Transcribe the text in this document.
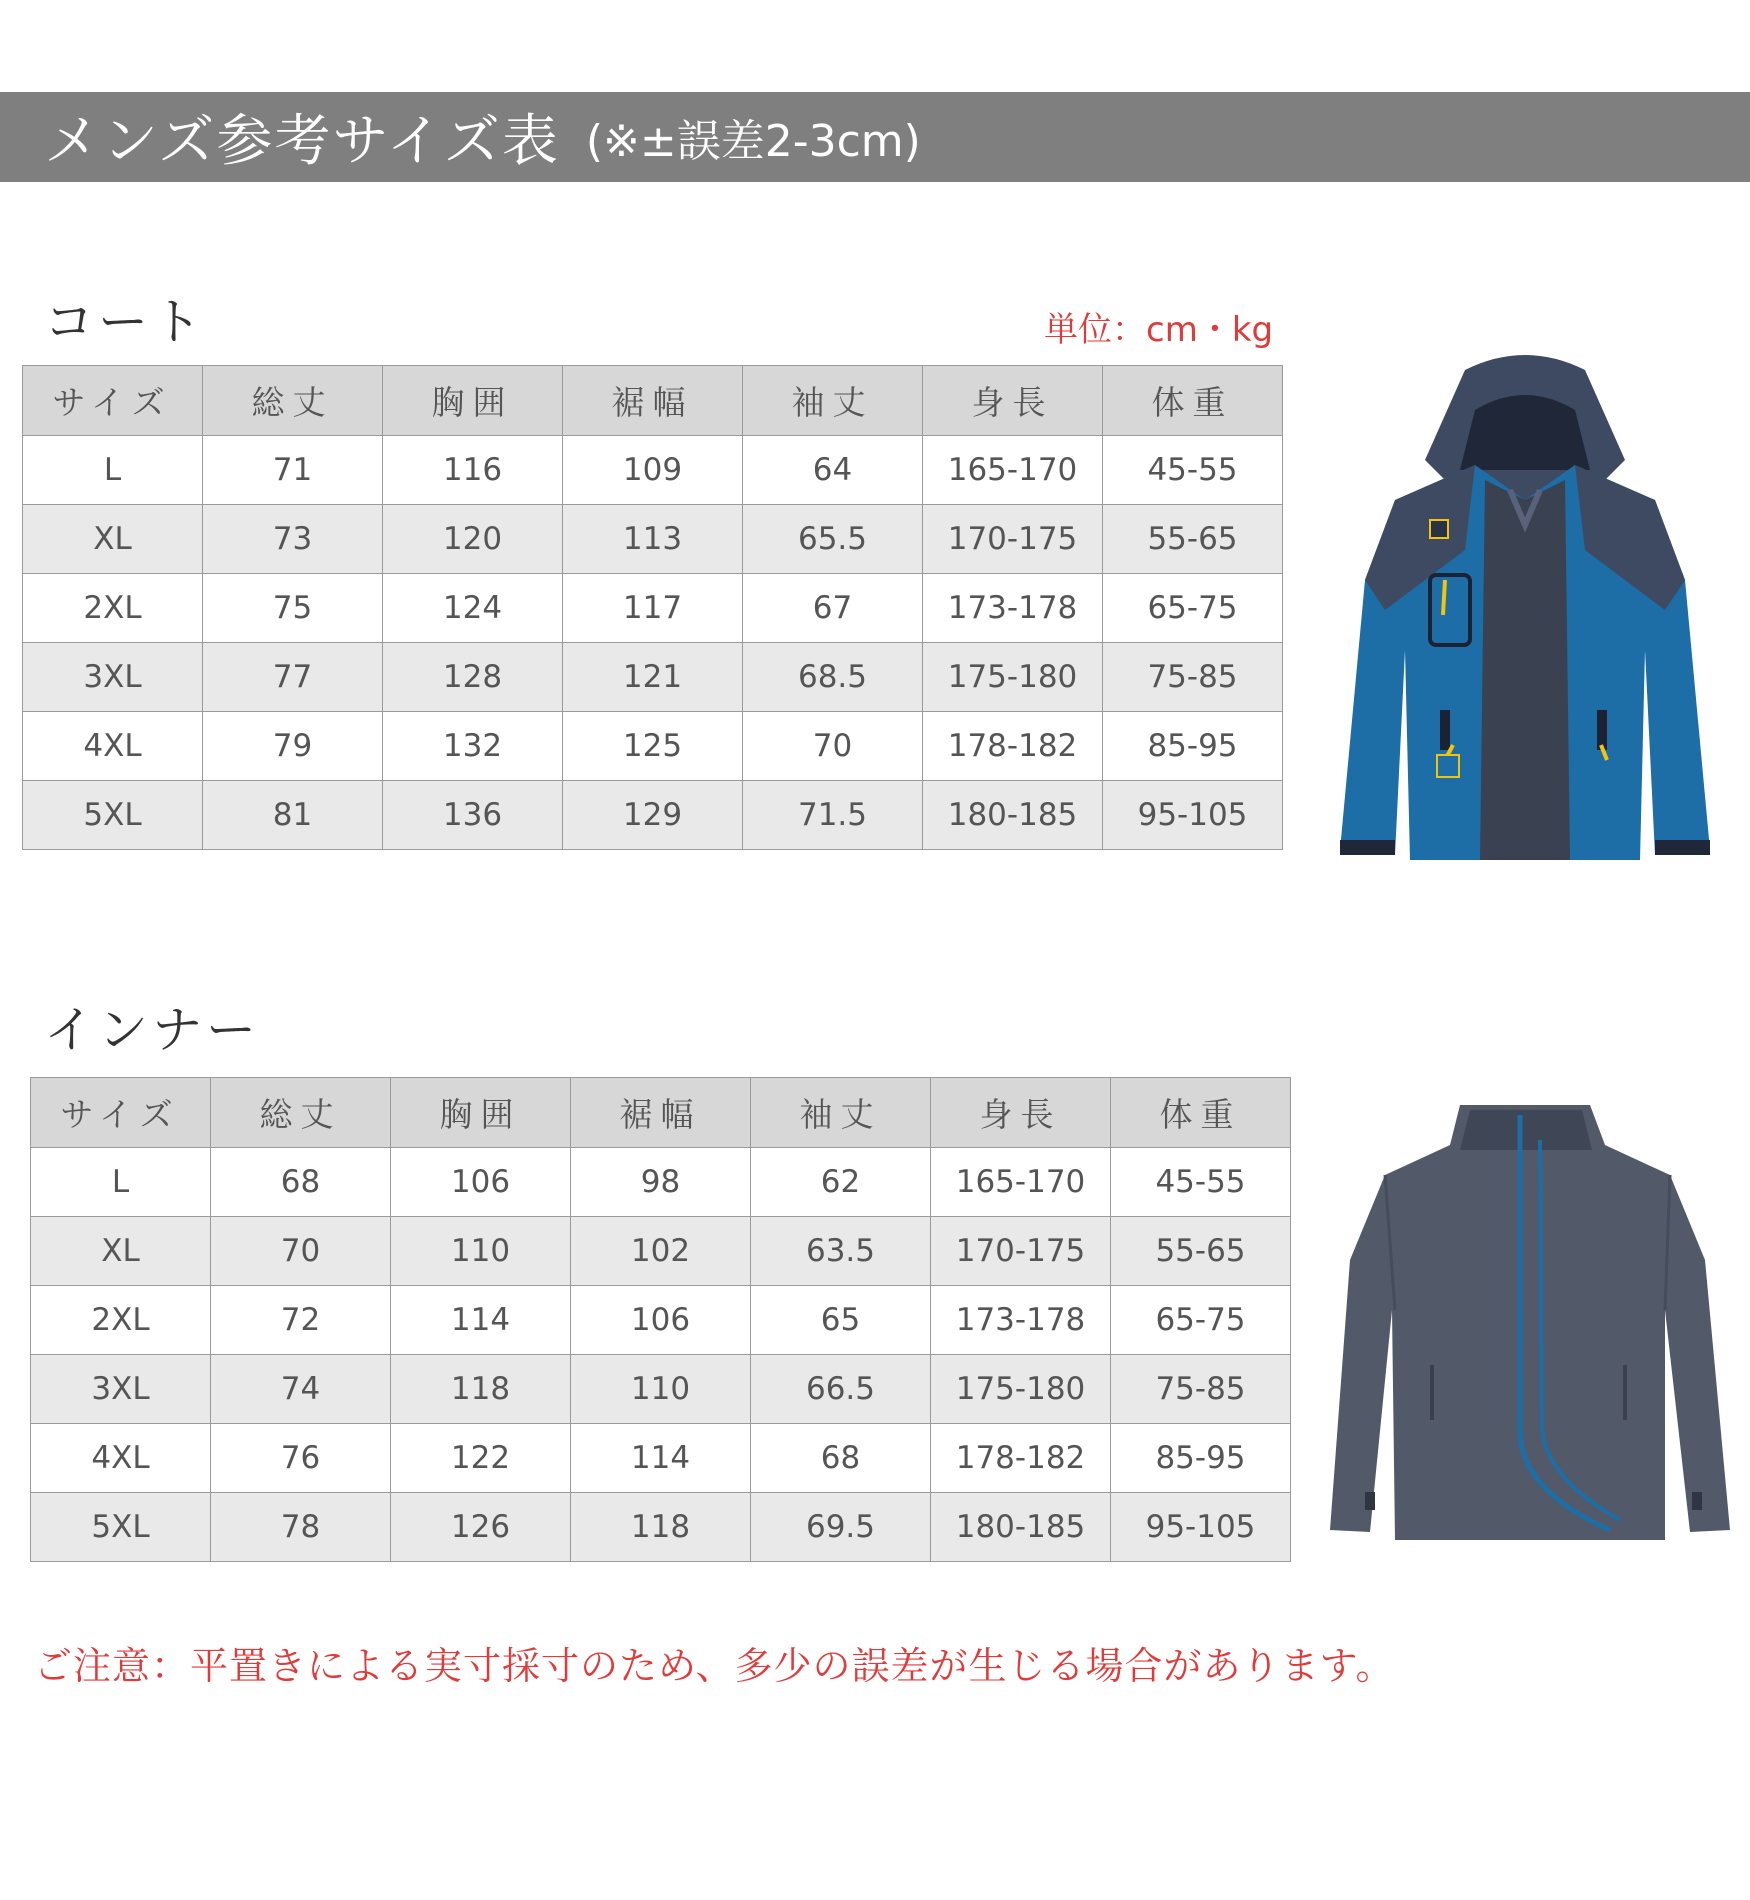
メンズ参考サイズ表 (※±誤差2-3cm)
コート	単位：cm・kg
サイズ	総丈	胸囲	裾幅	袖丈	身長	体重
L	71	116	109	64	165-170	45-55
XL	73	120	113	65.5	170-175	55-65
2XL	75	124	117	67	173-178	65-75
3XL	77	128	121	68.5	175-180	75-85
4XL	79	132	125	70	178-182	85-95
5XL	81	136	129	71.5	180-185	95-105
インナー
サイズ	総丈	胸囲	裾幅	袖丈	身長	体重
L	68	106	98	62	165-170	45-55
XL	70	110	102	63.5	170-175	55-65
2XL	72	114	106	65	173-178	65-75
3XL	74	118	110	66.5	175-180	75-85
4XL	76	122	114	68	178-182	85-95
5XL	78	126	118	69.5	180-185	95-105
ご注意：平置きによる実寸採寸のため、多少の誤差が生じる場合があります。
